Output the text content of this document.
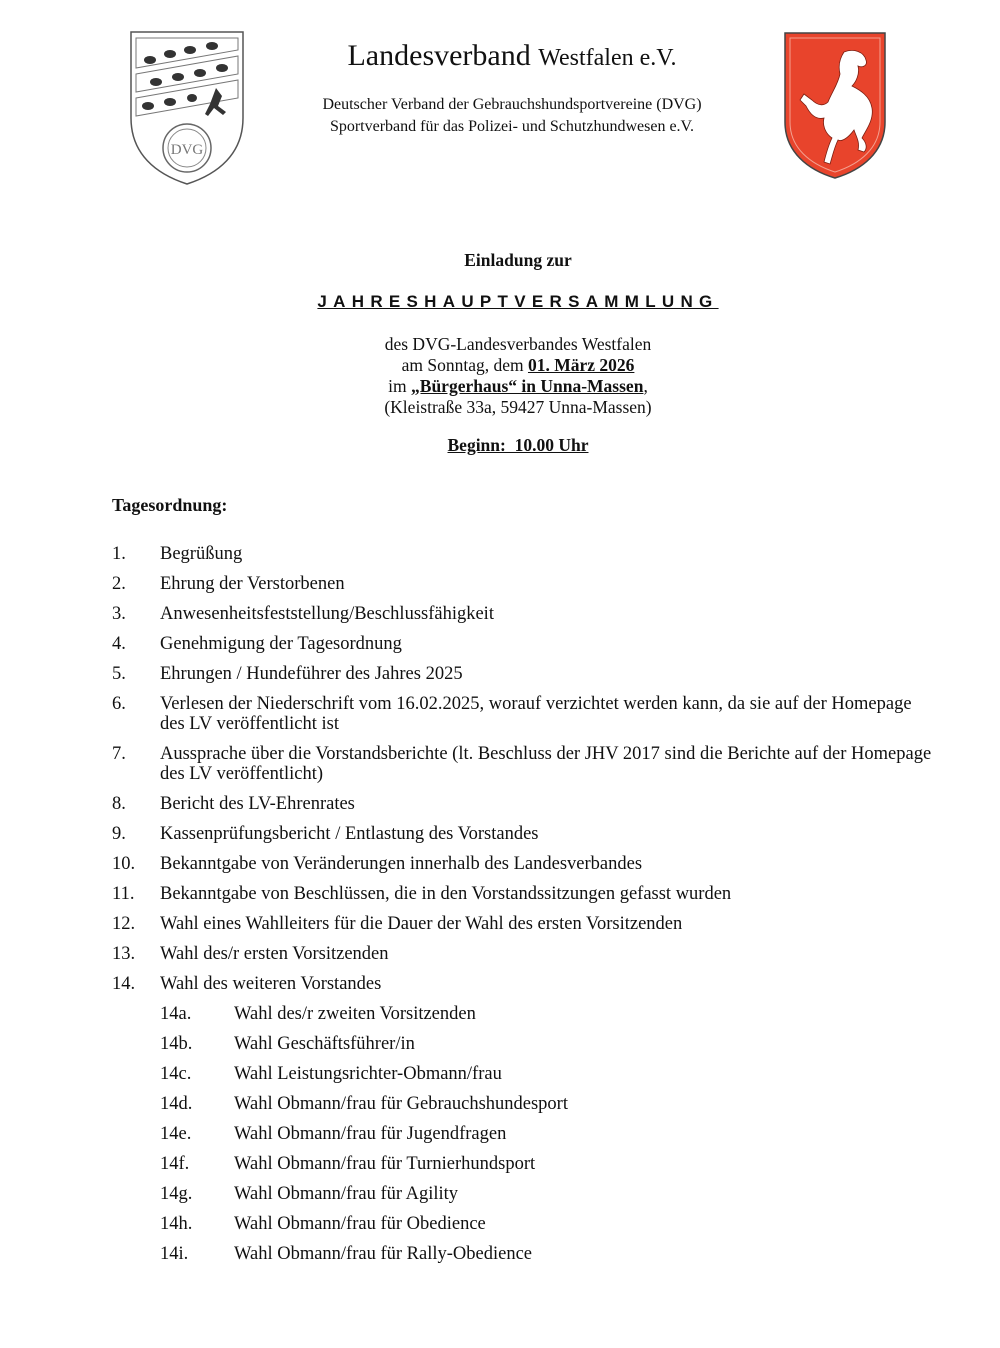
DVG
Landesverband Westfalen e.V.
Deutscher Verband der Gebrauchshundsportvereine (DVG)
Sportverband für das Polizei- und Schutzhundwesen e.V.
Einladung zur
JAHRESHAUPTVERSAMMLUNG
des DVG-Landesverbandes Westfalen
am Sonntag, dem 01. März 2026
im „Bürgerhaus“ in Unna-Massen,
(Kleistraße 33a, 59427 Unna-Massen)
Beginn:  10.00 Uhr
Tagesordnung:
1.	Begrüßung
2.	Ehrung der Verstorbenen
3.	Anwesenheitsfeststellung/Beschlussfähigkeit
4.	Genehmigung der Tagesordnung
5.	Ehrungen / Hundeführer des Jahres 2025
6.	Verlesen der Niederschrift vom 16.02.2025, worauf verzichtet werden kann, da sie auf der Homepage des LV veröffentlicht ist
7.	Aussprache über die Vorstandsberichte (lt. Beschluss der JHV 2017 sind die Berichte auf der Homepage des LV veröffentlicht)
8.	Bericht des LV-Ehrenrates
9.	Kassenprüfungsbericht / Entlastung des Vorstandes
10.	Bekanntgabe von Veränderungen innerhalb des Landesverbandes
11.	Bekanntgabe von Beschlüssen, die in den Vorstandssitzungen gefasst wurden
12.	Wahl eines Wahlleiters für die Dauer der Wahl des ersten Vorsitzenden
13.	Wahl des/r ersten Vorsitzenden
14.	Wahl des weiteren Vorstandes
14a.	Wahl des/r zweiten Vorsitzenden
14b.	Wahl Geschäftsführer/in
14c.	Wahl Leistungsrichter-Obmann/frau
14d.	Wahl Obmann/frau für Gebrauchshundesport
14e.	Wahl Obmann/frau für Jugendfragen
14f.	Wahl Obmann/frau für Turnierhundsport
14g.	Wahl Obmann/frau für Agility
14h.	Wahl Obmann/frau für Obedience
14i.	Wahl Obmann/frau für Rally-Obedience
